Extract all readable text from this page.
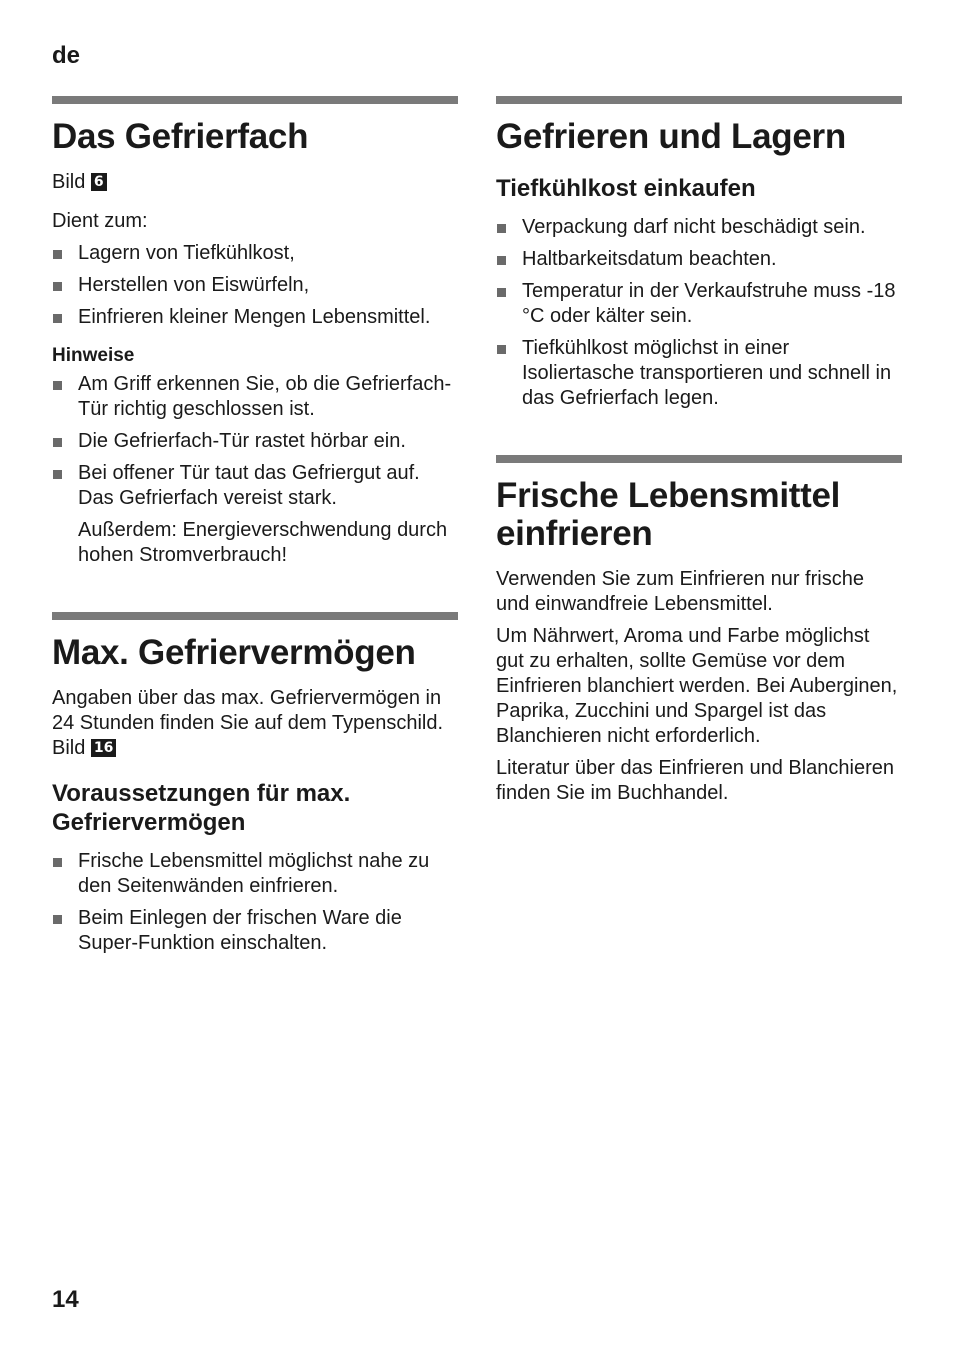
de
Das Gefrierfach

Bild 6

Dient zum:

Lagern von Tiefkühlkost,
Herstellen von Eiswürfeln,
Einfrieren kleiner Mengen Lebensmittel.
Hinweise
Am Griff erkennen Sie, ob die Gefrierfach-Tür richtig geschlossen ist.
Die Gefrierfach-Tür rastet hörbar ein.
Bei offener Tür taut das Gefriergut auf. Das Gefrierfach vereist stark.

Außerdem: Energieverschwendung durch hohen Stromverbrauch!

Max. Gefriervermögen

Angaben über das max. Gefriervermögen in 24 Stunden finden Sie auf dem Typenschild. Bild 16

Voraussetzungen für max. Gefriervermögen
Frische Lebensmittel möglichst nahe zu den Seitenwänden einfrieren.
Beim Einlegen der frischen Ware die Super-Funktion einschalten.
Gefrieren und Lagern
Tiefkühlkost einkaufen
Verpackung darf nicht beschädigt sein.
Haltbarkeitsdatum beachten.
Temperatur in der Verkaufstruhe muss -18 °C oder kälter sein.
Tiefkühlkost möglichst in einer Isoliertasche transportieren und schnell in das Gefrierfach legen.
Frische Lebensmittel einfrieren

Verwenden Sie zum Einfrieren nur frische und einwandfreie Lebensmittel.

Um Nährwert, Aroma und Farbe möglichst gut zu erhalten, sollte Gemüse vor dem Einfrieren blanchiert werden. Bei Auberginen, Paprika, Zucchini und Spargel ist das Blanchieren nicht erforderlich.

Literatur über das Einfrieren und Blanchieren finden Sie im Buchhandel.

14
